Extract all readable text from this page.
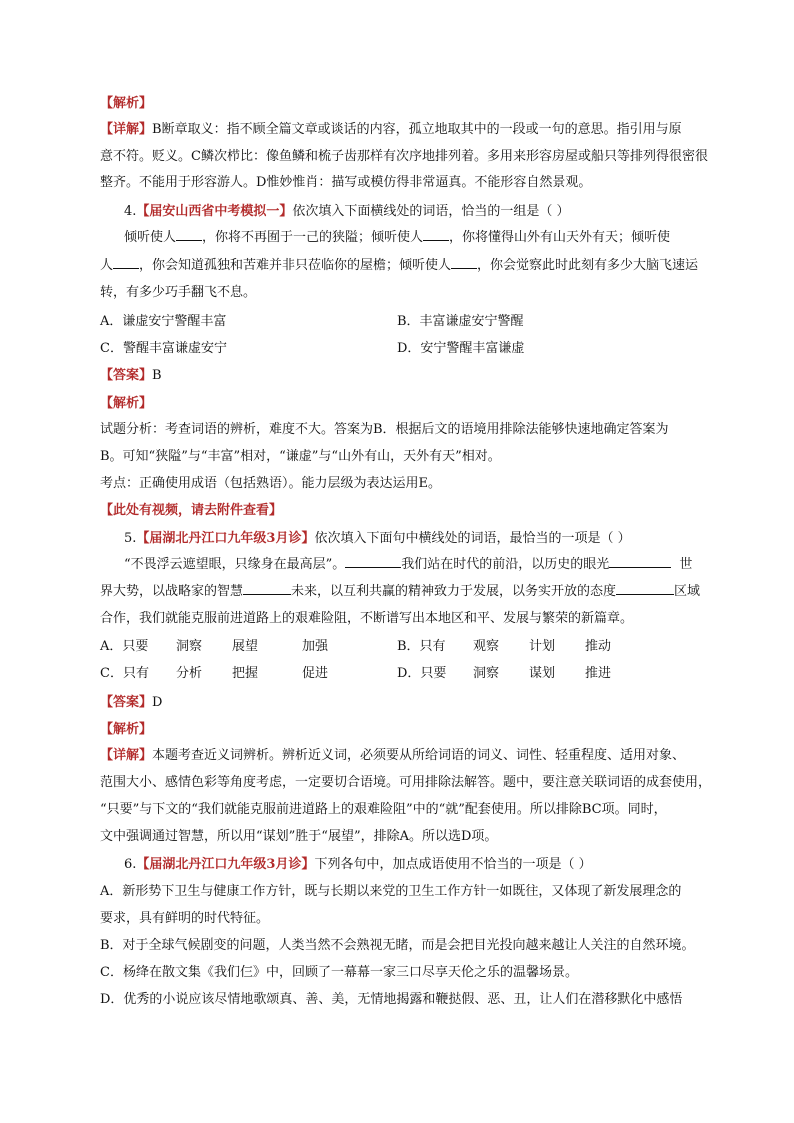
【解析】
【详解】B断章取义：指不顾全篇文章或谈话的内容，孤立地取其中的一段或一句的意思。指引用与原
意不符。贬义。C鳞次栉比：像鱼鳞和梳子齿那样有次序地排列着。多用来形容房屋或船只等排列得很密很
整齐。不能用于形容游人。D惟妙惟肖：描写或模仿得非常逼真。不能形容自然景观。
4.【届安山西省中考模拟一】依次填入下面横线处的词语，恰当的一组是（ ）
倾听使人 ，你将不再囿于一己的狭隘；倾听使人 ，你将懂得山外有山天外有天；倾听使
人 ，你会知道孤独和苦难并非只莅临你的屋檐；倾听使人 ，你会觉察此时此刻有多少大脑飞速运
转，有多少巧手翻飞不息。
A．谦虚安宁警醒丰富	B．丰富谦虚安宁警醒
C．警醒丰富谦虚安宁	D．安宁警醒丰富谦虚
【答案】B
【解析】
试题分析：考查词语的辨析，难度不大。答案为B．根据后文的语境用排除法能够快速地确定答案为
B。可知“狭隘”与“丰富”相对，“谦虚”与“山外有山，天外有天”相对。
考点：正确使用成语（包括熟语）。能力层级为表达运用E。
【此处有视频，请去附件查看】
5.【届湖北丹江口九年级3月诊】依次填入下面句中横线处的词语，最恰当的一项是（ ）
“不畏浮云遮望眼，只缘身在最高层”。	我们站在时代的前沿，以历史的眼光	世
界大势，以战略家的智慧	未来，以互利共赢的精神致力于发展，以务实开放的态度	区域
合作，我们就能克服前进道路上的艰难险阻，不断谱写出本地区和平、发展与繁荣的新篇章。
A．只要 洞察 展望	加强	B．只有 观察 计划 推动
C．只有 分析 把握	促进	D．只要 洞察 谋划 推进
【答案】D
【解析】
【详解】本题考查近义词辨析。辨析近义词，必须要从所给词语的词义、词性、轻重程度、适用对象、
范围大小、感情色彩等角度考虑，一定要切合语境。可用排除法解答。题中，要注意关联词语的成套使用，
“只要”与下文的“我们就能克服前进道路上的艰难险阻”中的“就”配套使用。所以排除BC项。同时，
文中强调通过智慧，所以用“谋划”胜于“展望”，排除A。所以选D项。
6.【届湖北丹江口九年级3月诊】下列各句中，加点成语使用不恰当的一项是（ ）
A．新形势下卫生与健康工作方针，既与长期以来党的卫生工作方针一如既往，又体现了新发展理念的
要求，具有鲜明的时代特征。
B．对于全球气候剧变的问题，人类当然不会熟视无睹，而是会把目光投向越来越让人关注的自然环境。
C．杨绛在散文集《我们仨》中，回顾了一幕幕一家三口尽享天伦之乐的温馨场景。
D．优秀的小说应该尽情地歌颂真、善、美，无情地揭露和鞭挞假、恶、丑，让人们在潜移默化中感悟
